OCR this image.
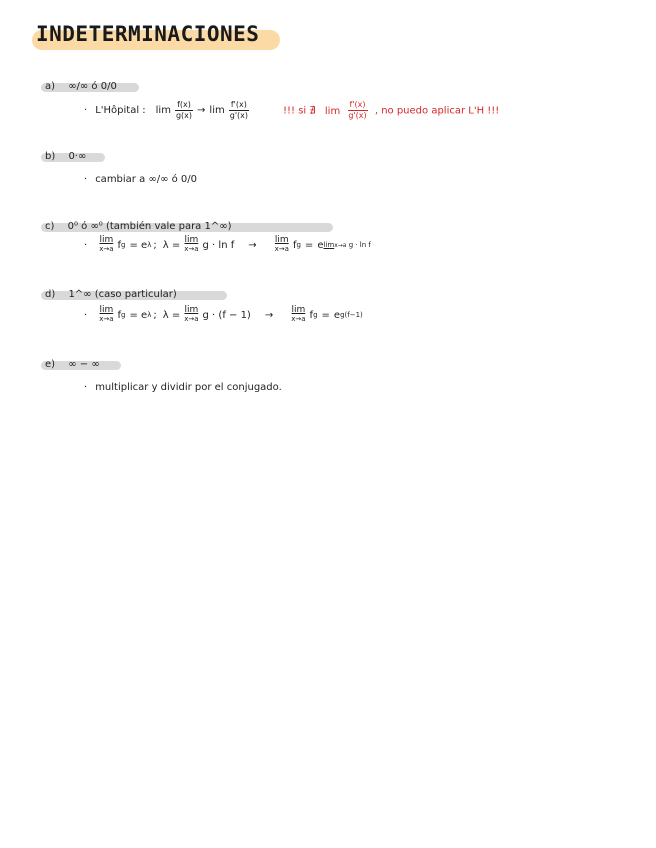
INDETERMINACIONES
a) ∞/∞ ó 0/0
· L'Hôpital : $\lim \frac{f(x)}{g(x)} \to \lim \frac{f'(x)}{g'(x)}$	!!! si ∄ $\lim \frac{f'(x)}{g'(x)}$ , no puedo aplicar L'H !!!
b) 0·∞
· cambiar a ∞/∞ ó 0/0
c) 0⁰ ó ∞⁰ (también vale para 1^∞)
· lim
x→a f g = e λ ; λ = lim
x→a g · ln f → lim
x→a f g = e limx→a g · ln f
d) 1^∞ (caso particular)
· lim
x→a f g = e λ ; λ = lim
x→a g · (f − 1) → lim
x→a f g = e g(f−1)
e) ∞ − ∞
· multiplicar y dividir por el conjugado.
